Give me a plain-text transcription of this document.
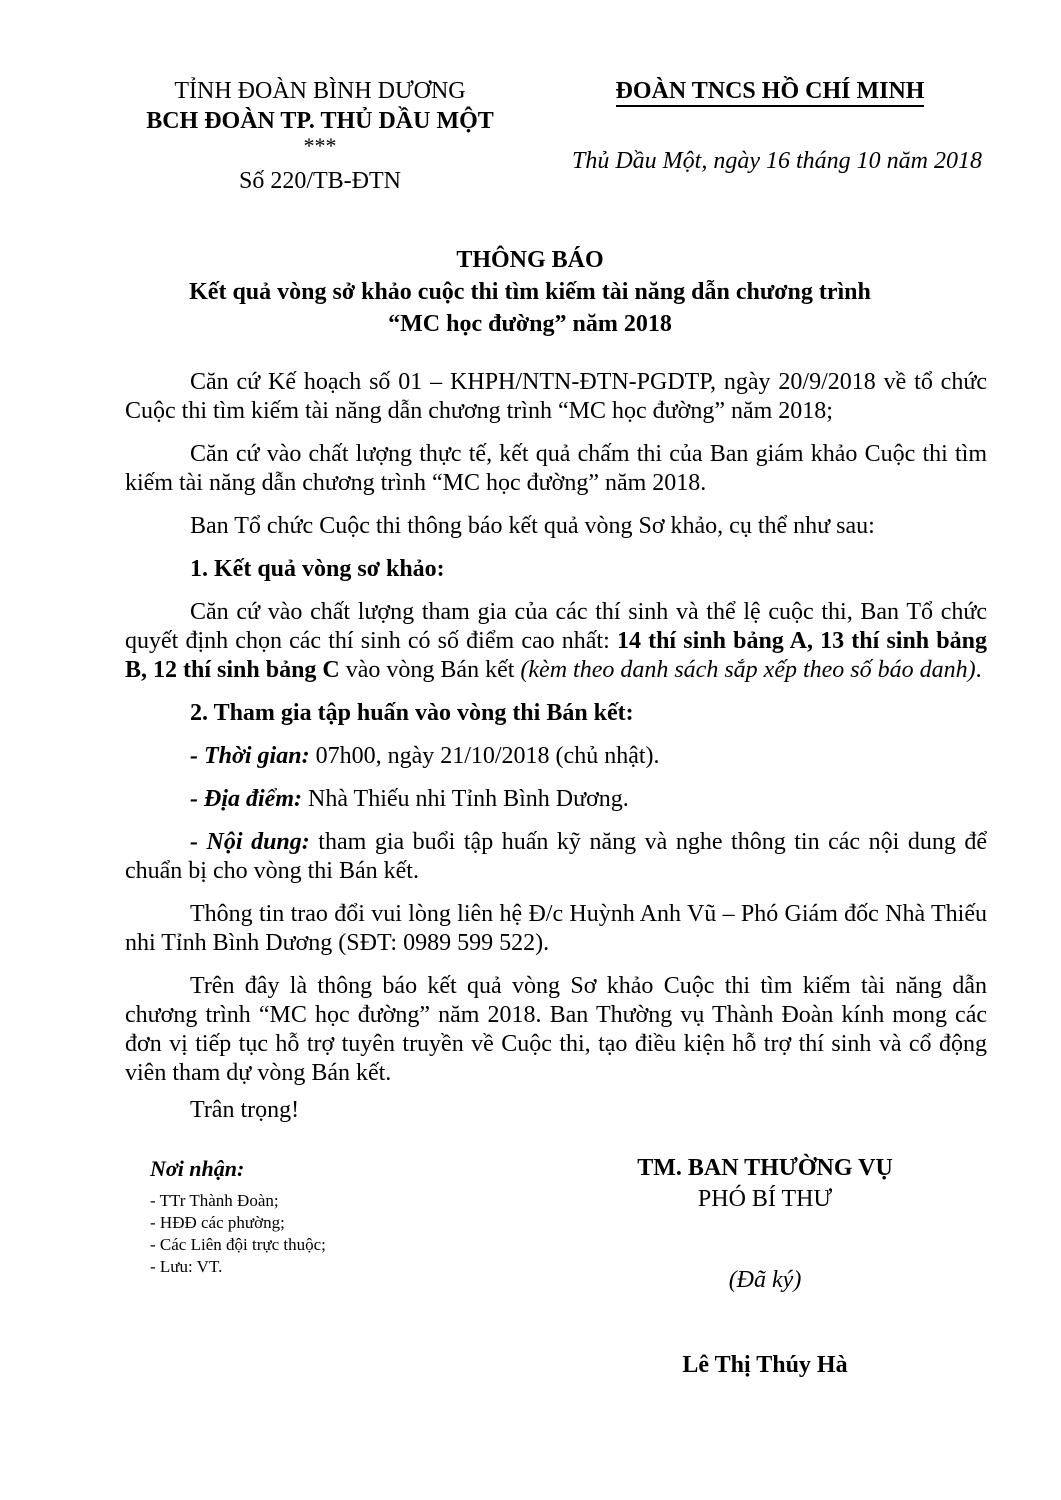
TỈNH ĐOÀN BÌNH DƯƠNG
BCH ĐOÀN TP. THỦ DẦU MỘT
***
Số 220/TB-ĐTN
ĐOÀN TNCS HỒ CHÍ MINH
Thủ Dầu Một, ngày 16 tháng 10 năm 2018
THÔNG BÁO
Kết quả vòng sở khảo cuộc thi tìm kiếm tài năng dẫn chương trình
“MC học đường” năm 2018

Căn cứ Kế hoạch số 01 – KHPH/NTN-ĐTN-PGDTP, ngày 20/9/2018 về tổ chức Cuộc thi tìm kiếm tài năng dẫn chương trình “MC học đường” năm 2018;

Căn cứ vào chất lượng thực tế, kết quả chấm thi của Ban giám khảo Cuộc thi tìm kiếm tài năng dẫn chương trình “MC học đường” năm 2018.

Ban Tổ chức Cuộc thi thông báo kết quả vòng Sơ khảo, cụ thể như sau:

1. Kết quả vòng sơ khảo:

Căn cứ vào chất lượng tham gia của các thí sinh và thể lệ cuộc thi, Ban Tổ chức quyết định chọn các thí sinh có số điểm cao nhất: 14 thí sinh bảng A, 13 thí sinh bảng B, 12 thí sinh bảng C vào vòng Bán kết (kèm theo danh sách sắp xếp theo số báo danh).

2. Tham gia tập huấn vào vòng thi Bán kết:

- Thời gian: 07h00, ngày 21/10/2018 (chủ nhật).

- Địa điểm: Nhà Thiếu nhi Tỉnh Bình Dương.

- Nội dung: tham gia buổi tập huấn kỹ năng và nghe thông tin các nội dung để chuẩn bị cho vòng thi Bán kết.

Thông tin trao đổi vui lòng liên hệ Đ/c Huỳnh Anh Vũ – Phó Giám đốc Nhà Thiếu nhi Tỉnh Bình Dương (SĐT: 0989 599 522).

Trên đây là thông báo kết quả vòng Sơ khảo Cuộc thi tìm kiếm tài năng dẫn chương trình “MC học đường” năm 2018. Ban Thường vụ Thành Đoàn kính mong các đơn vị tiếp tục hỗ trợ tuyên truyền về Cuộc thi, tạo điều kiện hỗ trợ thí sinh và cổ động viên tham dự vòng Bán kết.

Trân trọng!

Nơi nhận:
- TTr Thành Đoàn;
- HĐĐ các phường;
- Các Liên đội trực thuộc;
- Lưu: VT.
TM. BAN THƯỜNG VỤ
PHÓ BÍ THƯ
(Đã ký)
Lê Thị Thúy Hà
